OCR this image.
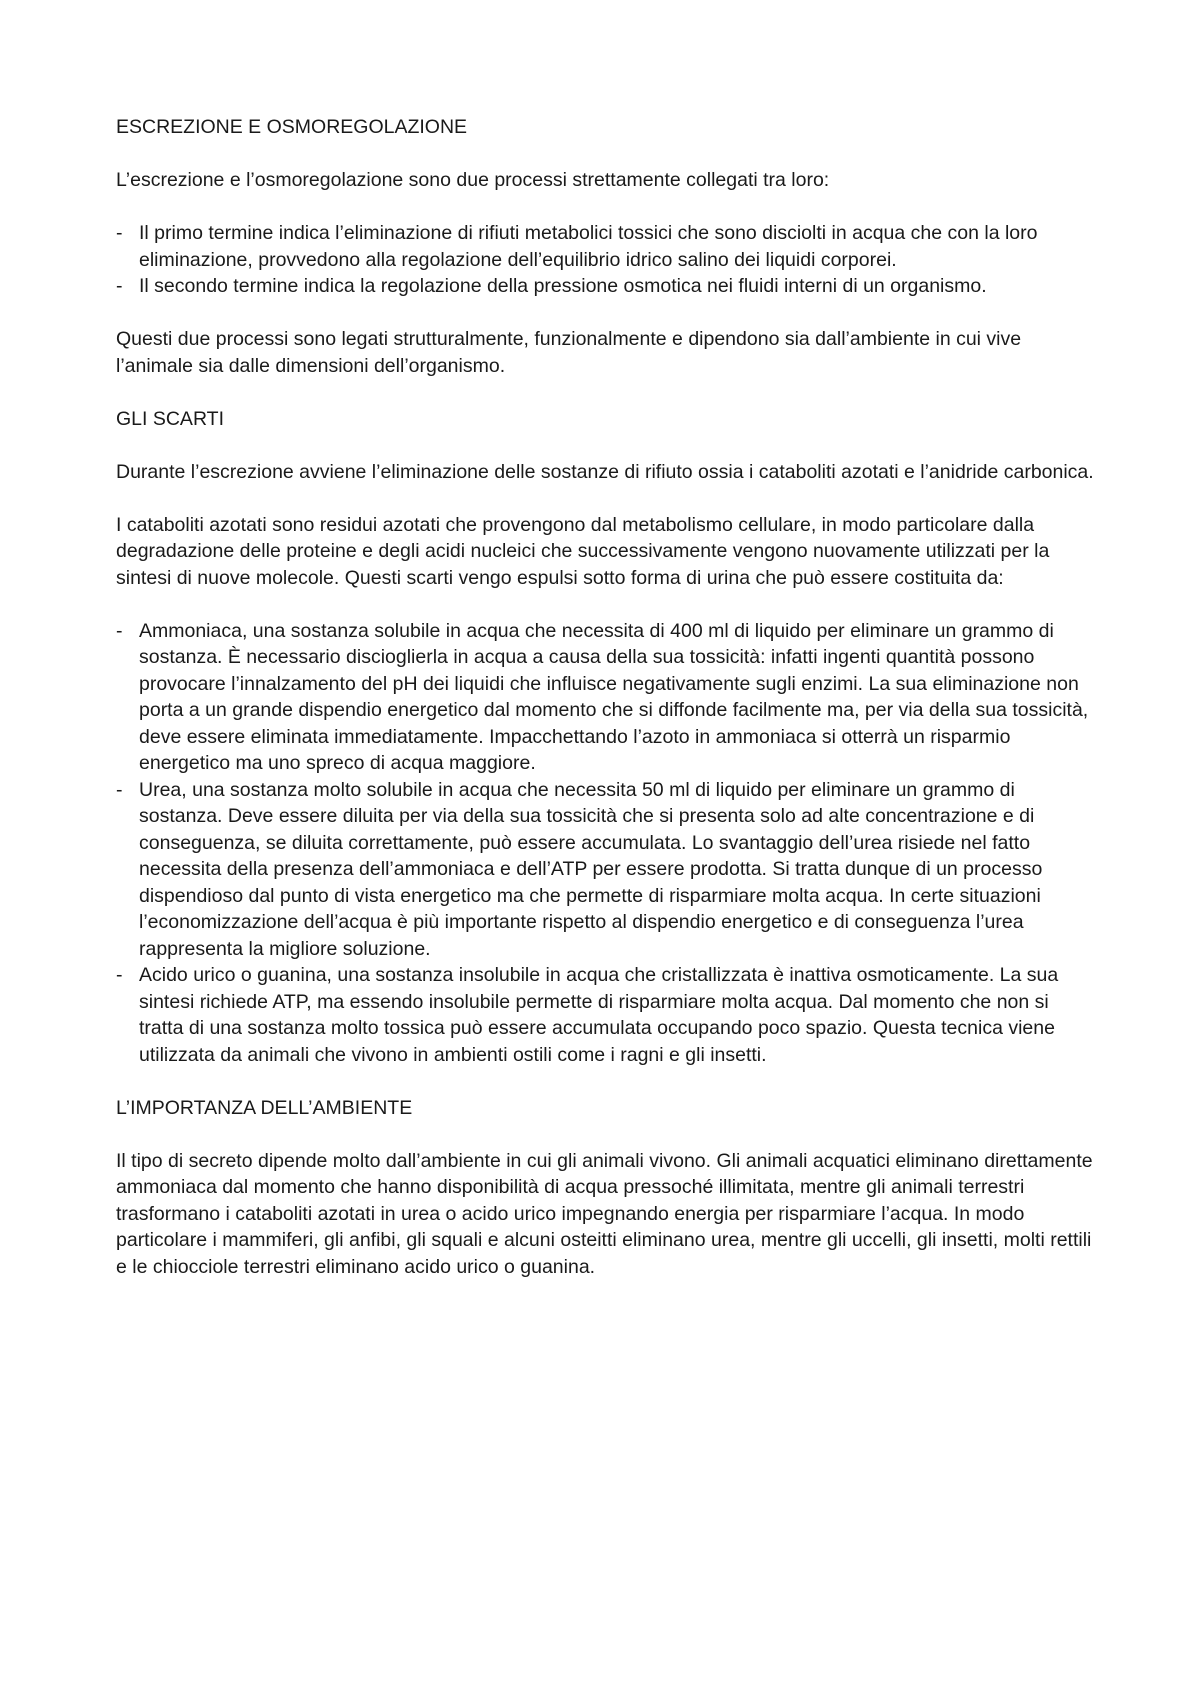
ESCREZIONE E OSMOREGOLAZIONE

L’escrezione e l’osmoregolazione sono due processi strettamente collegati tra loro:

- Il primo termine indica l’eliminazione di rifiuti metabolici tossici che sono disciolti in acqua che con la loro eliminazione, provvedono alla regolazione dell’equilibrio idrico salino dei liquidi corporei.
- Il secondo termine indica la regolazione della pressione osmotica nei fluidi interni di un organismo.

Questi due processi sono legati strutturalmente, funzionalmente e dipendono sia dall’ambiente in cui vive l’animale sia dalle dimensioni dell’organismo.

GLI SCARTI

Durante l’escrezione avviene l’eliminazione delle sostanze di rifiuto ossia i cataboliti azotati e l’anidride carbonica.

I cataboliti azotati sono residui azotati che provengono dal metabolismo cellulare, in modo particolare dalla degradazione delle proteine e degli acidi nucleici che successivamente vengono nuovamente utilizzati per la sintesi di nuove molecole. Questi scarti vengo espulsi sotto forma di urina che può essere costituita da:

- Ammoniaca, una sostanza solubile in acqua che necessita di 400 ml di liquido per eliminare un grammo di sostanza. È necessario discioglierla in acqua a causa della sua tossicità: infatti ingenti quantità possono provocare l’innalzamento del pH dei liquidi che influisce negativamente sugli enzimi. La sua eliminazione non porta a un grande dispendio energetico dal momento che si diffonde facilmente ma, per via della sua tossicità, deve essere eliminata immediatamente. Impacchettando l’azoto in ammoniaca si otterrà un risparmio energetico ma uno spreco di acqua maggiore.
- Urea, una sostanza molto solubile in acqua che necessita 50 ml di liquido per eliminare un grammo di sostanza. Deve essere diluita per via della sua tossicità che si presenta solo ad alte concentrazione e di conseguenza, se diluita correttamente, può essere accumulata. Lo svantaggio dell’urea risiede nel fatto necessita della presenza dell’ammoniaca e dell’ATP per essere prodotta. Si tratta dunque di un processo dispendioso dal punto di vista energetico ma che permette di risparmiare molta acqua. In certe situazioni l’economizzazione dell’acqua è più importante rispetto al dispendio energetico e di conseguenza l’urea rappresenta la migliore soluzione.
- Acido urico o guanina, una sostanza insolubile in acqua che cristallizzata è inattiva osmoticamente. La sua sintesi richiede ATP, ma essendo insolubile permette di risparmiare molta acqua. Dal momento che non si tratta di una sostanza molto tossica può essere accumulata occupando poco spazio. Questa tecnica viene utilizzata da animali che vivono in ambienti ostili come i ragni e gli insetti.

L’IMPORTANZA DELL’AMBIENTE

Il tipo di secreto dipende molto dall’ambiente in cui gli animali vivono. Gli animali acquatici eliminano direttamente ammoniaca dal momento che hanno disponibilità di acqua pressoché illimitata, mentre gli animali terrestri trasformano i cataboliti azotati in urea o acido urico impegnando energia per risparmiare l’acqua. In modo particolare i mammiferi, gli anfibi, gli squali e alcuni osteitti eliminano urea, mentre gli uccelli, gli insetti, molti rettili e le chiocciole terrestri eliminano acido urico o guanina.
